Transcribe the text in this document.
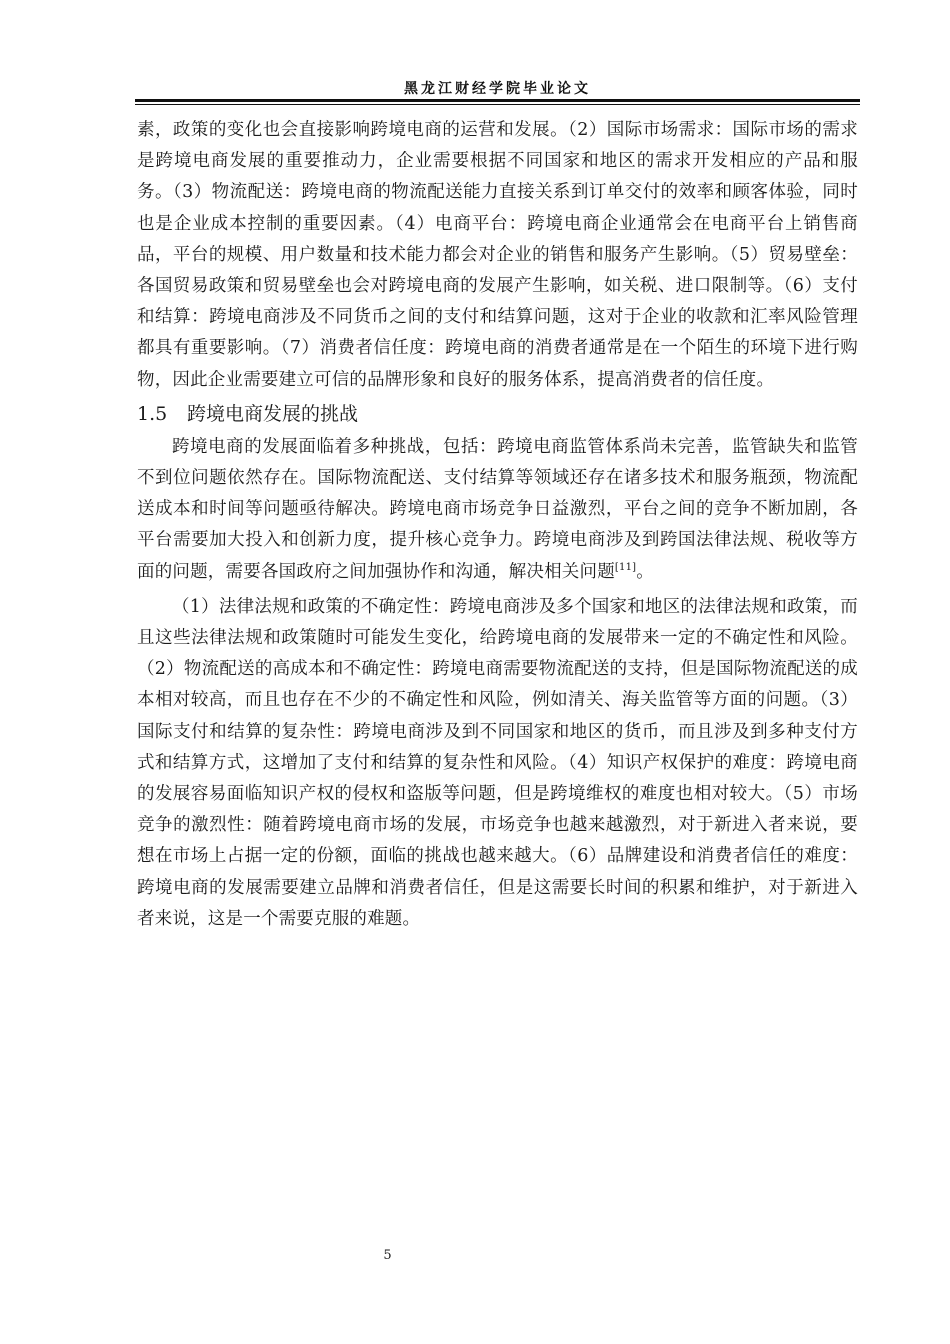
黑龙江财经学院毕业论文

素，政策的变化也会直接影响跨境电商的运营和发展。（2）国际市场需求：国际市场的需求是跨境电商发展的重要推动力，企业需要根据不同国家和地区的需求开发相应的产品和服务。（3）物流配送：跨境电商的物流配送能力直接关系到订单交付的效率和顾客体验，同时也是企业成本控制的重要因素。（4）电商平台：跨境电商企业通常会在电商平台上销售商品，平台的规模、用户数量和技术能力都会对企业的销售和服务产生影响。（5）贸易壁垒：各国贸易政策和贸易壁垒也会对跨境电商的发展产生影响，如关税、进口限制等。（6）支付和结算：跨境电商涉及不同货币之间的支付和结算问题，这对于企业的收款和汇率风险管理都具有重要影响。（7）消费者信任度：跨境电商的消费者通常是在一个陌生的环境下进行购物，因此企业需要建立可信的品牌形象和良好的服务体系，提高消费者的信任度。

1.5 跨境电商发展的挑战

跨境电商的发展面临着多种挑战，包括：跨境电商监管体系尚未完善，监管缺失和监管不到位问题依然存在。国际物流配送、支付结算等领域还存在诸多技术和服务瓶颈，物流配送成本和时间等问题亟待解决。跨境电商市场竞争日益激烈，平台之间的竞争不断加剧，各平台需要加大投入和创新力度，提升核心竞争力。跨境电商涉及到跨国法律法规、税收等方面的问题，需要各国政府之间加强协作和沟通，解决相关问题[11]。

（1）法律法规和政策的不确定性：跨境电商涉及多个国家和地区的法律法规和政策，而且这些法律法规和政策随时可能发生变化，给跨境电商的发展带来一定的不确定性和风险。（2）物流配送的高成本和不确定性：跨境电商需要物流配送的支持，但是国际物流配送的成本相对较高，而且也存在不少的不确定性和风险，例如清关、海关监管等方面的问题。（3）国际支付和结算的复杂性：跨境电商涉及到不同国家和地区的货币，而且涉及到多种支付方式和结算方式，这增加了支付和结算的复杂性和风险。（4）知识产权保护的难度：跨境电商的发展容易面临知识产权的侵权和盗版等问题，但是跨境维权的难度也相对较大。（5）市场竞争的激烈性：随着跨境电商市场的发展，市场竞争也越来越激烈，对于新进入者来说，要想在市场上占据一定的份额，面临的挑战也越来越大。（6）品牌建设和消费者信任的难度：跨境电商的发展需要建立品牌和消费者信任，但是这需要长时间的积累和维护，对于新进入者来说，这是一个需要克服的难题。

5
